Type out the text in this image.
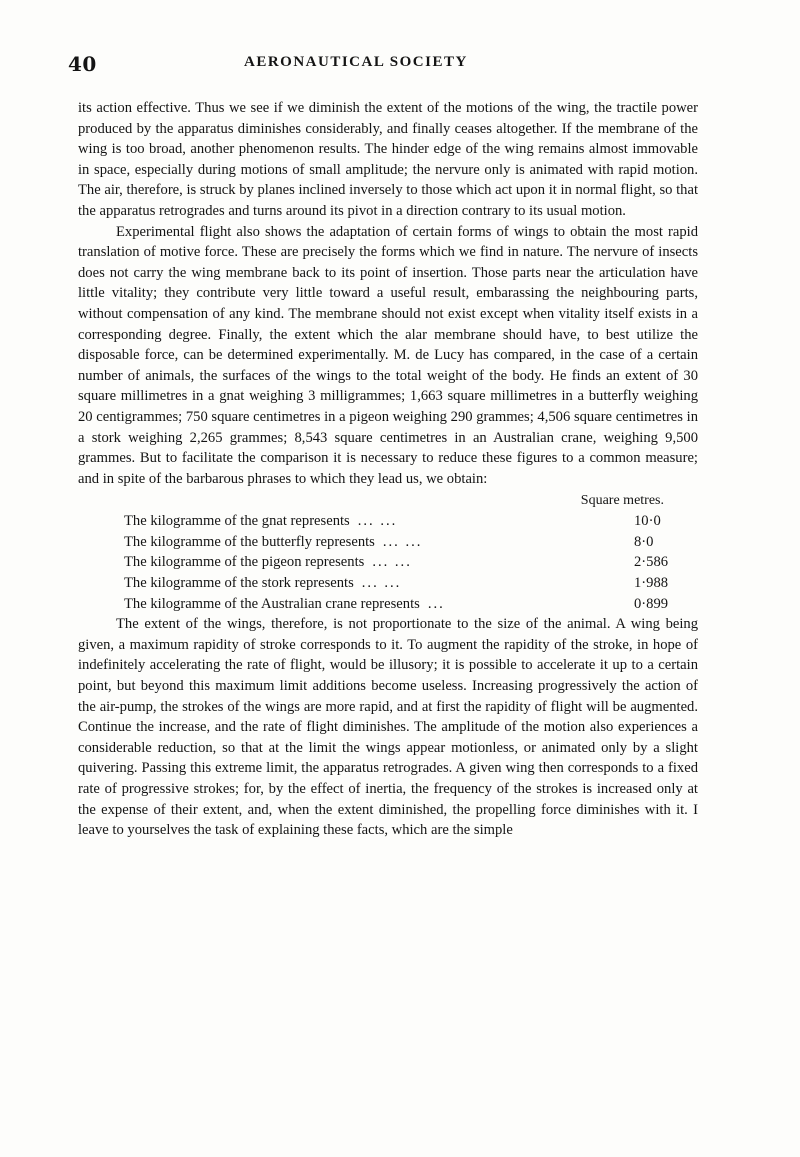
40	AERONAUTICAL SOCIETY

its action effective. Thus we see if we diminish the extent of the motions of the wing, the tractile power produced by the apparatus diminishes considerably, and finally ceases altogether. If the membrane of the wing is too broad, another phenomenon results. The hinder edge of the wing remains almost immovable in space, especially during motions of small amplitude; the nervure only is animated with rapid motion. The air, therefore, is struck by planes inclined inversely to those which act upon it in normal flight, so that the apparatus retrogrades and turns around its pivot in a direction contrary to its usual motion.

Experimental flight also shows the adaptation of certain forms of wings to obtain the most rapid translation of motive force. These are precisely the forms which we find in nature. The nervure of insects does not carry the wing membrane back to its point of insertion. Those parts near the articulation have little vitality; they contribute very little toward a useful result, embarassing the neighbouring parts, without compensation of any kind. The membrane should not exist except when vitality itself exists in a corresponding degree. Finally, the extent which the alar membrane should have, to best utilize the disposable force, can be determined experimentally. M. de Lucy has compared, in the case of a certain number of animals, the surfaces of the wings to the total weight of the body. He finds an extent of 30 square millimetres in a gnat weighing 3 milligrammes; 1,663 square millimetres in a butterfly weighing 20 centigrammes; 750 square centimetres in a pigeon weighing 290 grammes; 4,506 square centimetres in a stork weighing 2,265 grammes; 8,543 square centimetres in an Australian crane, weighing 9,500 grammes. But to facilitate the comparison it is necessary to reduce these figures to a common measure; and in spite of the barbarous phrases to which they lead us, we obtain:

Square metres.
The kilogramme of the gnat represents ... ...	10·0
The kilogramme of the butterfly represents ... ...	8·0
The kilogramme of the pigeon represents ... ...	2·586
The kilogramme of the stork represents ... ...	1·988
The kilogramme of the Australian crane represents ...	0·899

The extent of the wings, therefore, is not proportionate to the size of the animal. A wing being given, a maximum rapidity of stroke corresponds to it. To augment the rapidity of the stroke, in hope of indefinitely accelerating the rate of flight, would be illusory; it is possible to accelerate it up to a certain point, but beyond this maximum limit additions become useless. Increasing progressively the action of the air-pump, the strokes of the wings are more rapid, and at first the rapidity of flight will be augmented. Continue the increase, and the rate of flight diminishes. The amplitude of the motion also experiences a considerable reduction, so that at the limit the wings appear motionless, or animated only by a slight quivering. Passing this extreme limit, the apparatus retrogrades. A given wing then corresponds to a fixed rate of progressive strokes; for, by the effect of inertia, the frequency of the strokes is increased only at the expense of their extent, and, when the extent diminished, the propelling force diminishes with it. I leave to yourselves the task of explaining these facts, which are the simple
